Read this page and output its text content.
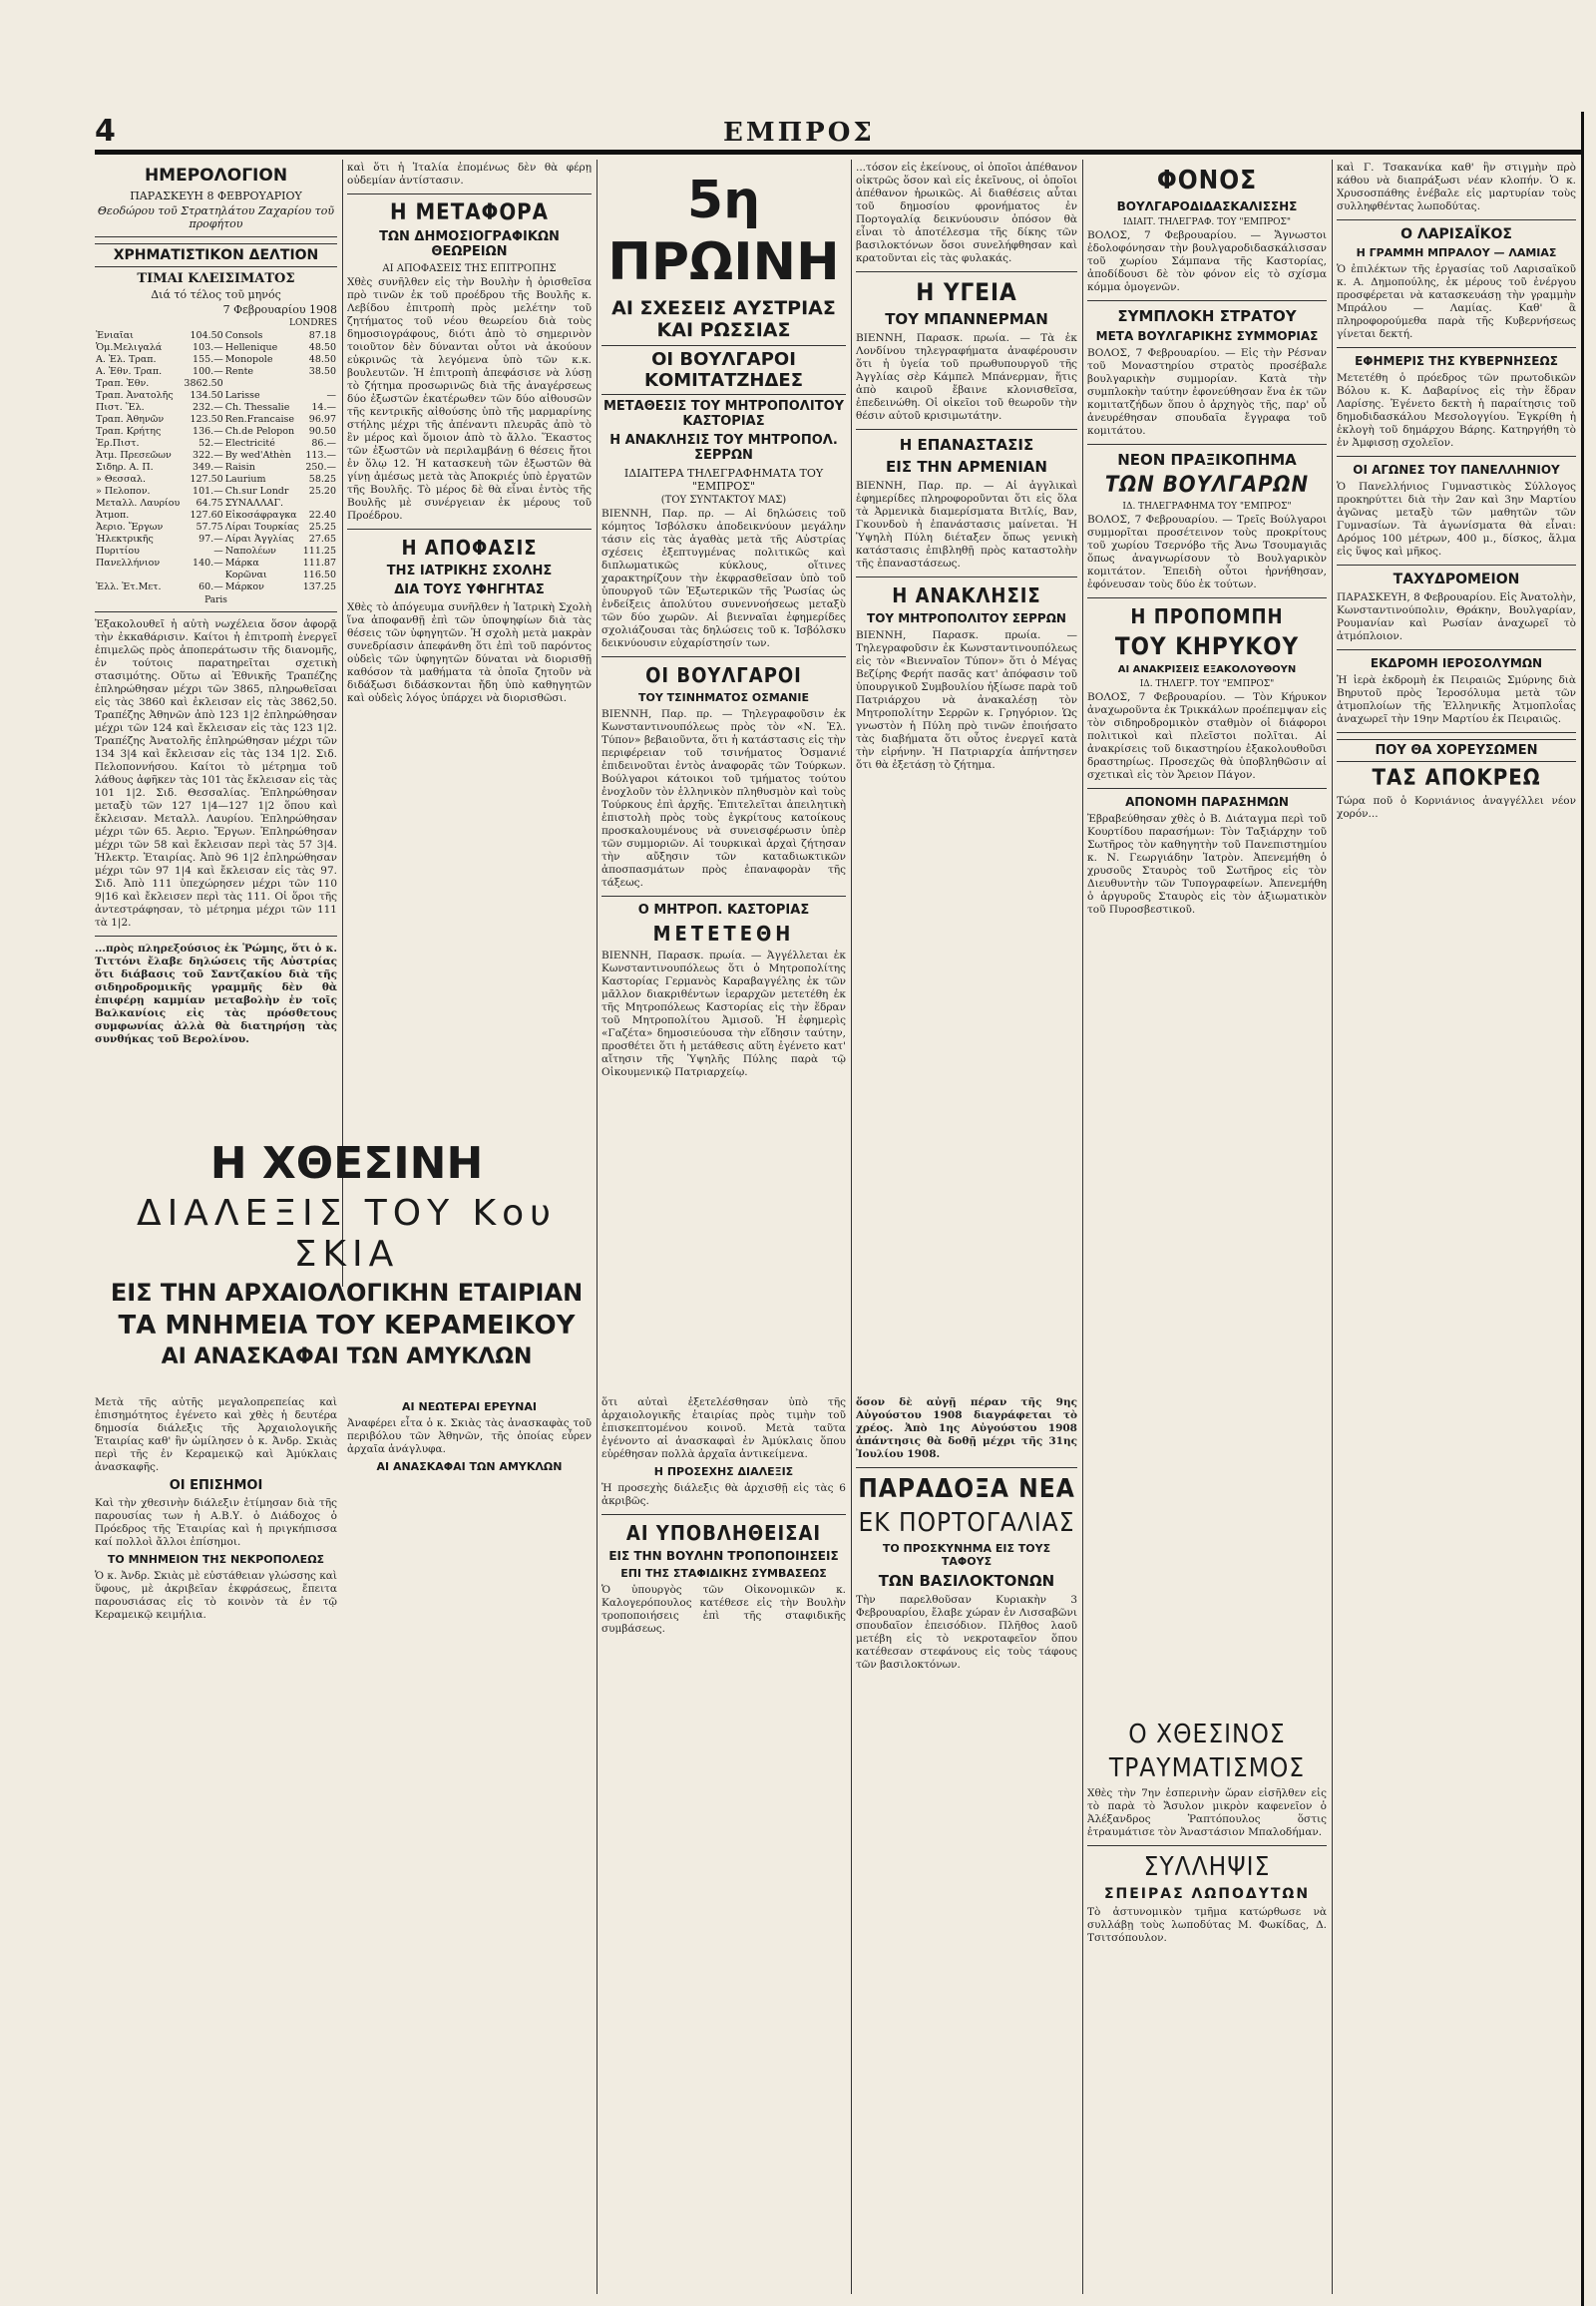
4	ΕΜΠΡΟΣ
ΗΜΕΡΟΛΟΓΙΟΝ
ΠΑΡΑΣΚΕΥΗ 8 ΦΕΒΡΟΥΑΡΙΟΥ
Θεοδώρου τοῦ Στρατηλάτου Ζαχαρίου τοῦ προφήτου
ΧΡΗΜΑΤΙΣΤΙΚΟΝ ΔΕΛΤΙΟΝ
ΤΙΜΑΙ ΚΛΕΙΣΙΜΑΤΟΣ
Διά τό τέλος τοῦ μηνός
7 Φεβρουαρίου 1908
LONDRES
Ἐνιαῖαι	104.50	Consols	87.18
Ὁμ.Μελιγαλά	103.—	Hellenique	48.50
Α. Ἑλ. Τραπ.	155.—	Monopole	48.50
Α. Ἐθν. Τραπ.	100.—	Rente	38.50
Τραπ. Ἐθν.	3862.50		
Τραπ. Ἀνατολῆς	134.50	Larisse	—
Πιστ. Ἕλ.	232.—	Ch. Thessalie	14.—
Τραπ. Ἀθηνῶν	123.50	Ren.Francaise	96.97
Τραπ. Κρήτης	136.—	Ch.de Pelopon	90.50
Ἐρ.Πιστ.	52.—	Electricité	86.—
Ἀτμ. Πρεσεῶων	322.—	By wed'Athèn	113.—
Σιδηρ. Α. Π.	349.—	Raisin	250.—
» Θεσσαλ.	127.50	Laurium	58.25
» Πελοπον.	101.—	Ch.sur Londr	25.20
Μεταλλ. Λαυρίου	64.75	ΣΥΝΑΛΛΑΓ.	
Ἀτμοπ.	127.60	Εἰκοσάφραγκα	22.40
Ἀεριο. Ἔργων	57.75	Λίραι Τουρκίας	25.25
Ἠλεκτρικῆς	97.—	Λίραι Ἀγγλίας	27.65
Πυριτίου	—	Ναπολέων	111.25
Πανελλήνιον	140.—	Μάρκα	111.87
		Κορῶναι	116.50
Ἐλλ. Ἐτ.Μετ.	60.—	Μάρκον	137.25
Paris
Ἐξακολουθεῖ ἡ αὐτὴ νωχέλεια ὅσον ἀφορᾷ τὴν ἐκκαθάρισιν. Καίτοι ἡ ἐπιτροπὴ ἐνεργεῖ ἐπιμελῶς πρὸς ἀποπεράτωσιν τῆς διανομῆς, ἐν τούτοις παρατηρεῖται σχετικὴ στασιμότης. Οὕτω αἱ Ἐθνικῆς Τραπέζης ἐπληρώθησαν μέχρι τῶν 3865, πληρωθεῖσαι εἰς τὰς 3860 καὶ ἐκλεισαν εἰς τὰς 3862,50. Τραπέζης Ἀθηνῶν ἀπὸ 123 1|2 ἐπληρώθησαν μέχρι τῶν 124 καὶ ἔκλεισαν εἰς τὰς 123 1|2. Τραπέζης Ἀνατολῆς ἐπληρώθησαν μέχρι τῶν 134 3|4 καὶ ἔκλεισαν εἰς τὰς 134 1|2. Σιδ. Πελοποννήσου. Καίτοι τὸ μέτρημα τοῦ λάθους ἀφῆκεν τὰς 101 τὰς ἔκλεισαν εἰς τὰς 101 1|2. Σιδ. Θεσσαλίας. Ἐπληρώθησαν μεταξὺ τῶν 127 1|4—127 1|2 ὅπου καὶ ἔκλεισαν. Μεταλλ. Λαυρίου. Ἐπληρώθησαν μέχρι τῶν 65. Ἀεριο. Ἔργων. Ἐπληρώθησαν μέχρι τῶν 58 καὶ ἔκλεισαν περὶ τὰς 57 3|4. Ἠλεκτρ. Ἑταιρίας. Ἀπὸ 96 1|2 ἐπληρώθησαν μέχρι τῶν 97 1|4 καὶ ἔκλεισαν εἰς τὰς 97. Σιδ. Ἀπὸ 111 ὑπεχώρησεν μέχρι τῶν 110 9|16 καὶ ἔκλεισεν περὶ τὰς 111. Οἱ ὅροι τῆς ἀντεστράφησαν, τὸ μέτρημα μέχρι τῶν 111 τὰ 1|2.
...πρὸς πληρεξούσιος ἐκ Ῥώμης, ὅτι ὁ κ. Τιττόνι ἔλαβε δηλώσεις τῆς Αὐστρίας ὅτι διάβασις τοῦ Σαντζακίου διὰ τῆς σιδηροδρομικῆς γραμμῆς δὲν θὰ ἐπιφέρῃ καμμίαν μεταβολὴν ἐν τοῖς Βαλκανίοις εἰς τὰς πρόσθετους συμφωνίας ἀλλὰ θὰ διατηρήσῃ τὰς συνθήκας τοῦ Βερολίνου.
καὶ ὅτι ἡ Ἰταλία ἐπομένως δὲν θὰ φέρῃ οὐδεμίαν ἀντίστασιν.
Η ΜΕΤΑΦΟΡΑ
ΤΩΝ ΔΗΜΟΣΙΟΓΡΑΦΙΚΩΝ ΘΕΩΡΕΙΩΝ
ΑΙ ΑΠΟΦΑΣΕΙΣ ΤΗΣ ΕΠΙΤΡΟΠΗΣ
Χθὲς συνῆλθεν εἰς τὴν Βουλὴν ἡ ὁρισθεῖσα πρὸ τινῶν ἐκ τοῦ προέδρου τῆς Βουλῆς κ. Λεβίδου ἐπιτροπὴ πρὸς μελέτην τοῦ ζητήματος τοῦ νέου θεωρείου διὰ τοὺς δημοσιογράφους, διότι ἀπὸ τὸ σημερινὸν τοιοῦτον δὲν δύνανται οὗτοι νὰ ἀκούουν εὐκρινῶς τὰ λεγόμενα ὑπὸ τῶν κ.κ. βουλευτῶν. Ἡ ἐπιτροπὴ ἀπεφάσισε νὰ λύσῃ τὸ ζήτημα προσωρινῶς διὰ τῆς ἀναγέρσεως δύο ἐξωστῶν ἑκατέρωθεν τῶν δύο αἰθουσῶν τῆς κεντρικῆς αἰθούσης ὑπὸ τῆς μαρμαρίνης στήλης μέχρι τῆς ἀπέναντι πλευρᾶς ἀπὸ τὸ ἓν μέρος καὶ ὅμοιον ἀπὸ τὸ ἄλλο. Ἕκαστος τῶν ἐξωστῶν νὰ περιλαμβάνῃ 6 θέσεις ἤτοι ἐν ὅλῳ 12. Ἡ κατασκευὴ τῶν ἐξωστῶν θὰ γίνῃ ἀμέσως μετὰ τὰς Ἀποκριές ὑπὸ ἐργατῶν τῆς Βουλῆς. Τὸ μέρος δὲ θὰ εἶναι ἐντὸς τῆς Βουλῆς μὲ συνέργειαν ἐκ μέρους τοῦ Προέδρου.
Η ΑΠΟΦΑΣΙΣ
ΤΗΣ ΙΑΤΡΙΚΗΣ ΣΧΟΛΗΣ
ΔΙΑ ΤΟΥΣ ΥΦΗΓΗΤΑΣ
Χθὲς τὸ ἀπόγευμα συνῆλθεν ἡ Ἰατρικὴ Σχολὴ ἵνα ἀποφανθῇ ἐπὶ τῶν ὑποψηφίων διὰ τὰς θέσεις τῶν ὑφηγητῶν. Ἡ σχολὴ μετὰ μακρὰν συνεδρίασιν ἀπεφάνθη ὅτι ἐπὶ τοῦ παρόντος οὐδεὶς τῶν ὑφηγητῶν δύναται νὰ διορισθῇ καθόσον τὰ μαθήματα τὰ ὁποῖα ζητοῦν νὰ διδάξωσι διδάσκονται ἤδη ὑπὸ καθηγητῶν καὶ οὐδεὶς λόγος ὑπάρχει νὰ διορισθῶσι.
5η ΠΡΩΙΝΗ
ΑΙ ΣΧΕΣΕΙΣ ΑΥΣΤΡΙΑΣ ΚΑΙ ΡΩΣΣΙΑΣ
ΟΙ ΒΟΥΛΓΑΡΟΙ ΚΟΜΙΤΑΤΖΗΔΕΣ
ΜΕΤΑΘΕΣΙΣ ΤΟΥ ΜΗΤΡΟΠΟΛΙΤΟΥ ΚΑΣΤΟΡΙΑΣ
Η ΑΝΑΚΛΗΣΙΣ ΤΟΥ ΜΗΤΡΟΠΟΛ. ΣΕΡΡΩΝ
ΙΔΙΑΙΤΕΡΑ ΤΗΛΕΓΡΑΦΗΜΑΤΑ ΤΟΥ "ΕΜΠΡΟΣ"
(ΤΟΥ ΣΥΝΤΑΚΤΟΥ ΜΑΣ)
ΒΙΕΝΝΗ, Παρ. πρ. — Αἱ δηλώσεις τοῦ κόμητος Ἰσβόλσκυ ἀποδεικνύουν μεγάλην τάσιν εἰς τὰς ἀγαθὰς μετὰ τῆς Αὐστρίας σχέσεις ἐξεπτυγμένας πολιτικῶς καὶ διπλωματικῶς κύκλους, οἵτινες χαρακτηρίζουν τὴν ἐκφρασθεῖσαν ὑπὸ τοῦ ὑπουργοῦ τῶν Ἐξωτερικῶν τῆς Ῥωσίας ὡς ἐνδείξεις ἀπολύτου συνεννοήσεως μεταξὺ τῶν δύο χωρῶν. Αἱ βιενναῖαι ἐφημερίδες σχολιάζουσαι τὰς δηλώσεις τοῦ κ. Ἰσβόλσκυ δεικνύουσιν εὐχαρίστησίν των.
ΟΙ ΒΟΥΛΓΑΡΟΙ
ΤΟΥ ΤΣΙΝΗΜΑΤΟΣ ΟΣΜΑΝΙΕ
ΒΙΕΝΝΗ, Παρ. πρ. — Τηλεγραφοῦσιν ἐκ Κωνσταντινουπόλεως πρὸς τὸν «Ν. Ἑλ. Τύπον» βεβαιοῦντα, ὅτι ἡ κατάστασις εἰς τὴν περιφέρειαν τοῦ τσινήματος Ὀσμανιέ ἐπιδεινοῦται ἐντὸς ἀναφορᾶς τῶν Τούρκων. Βούλγαροι κάτοικοι τοῦ τμήματος τούτου ἐνοχλοῦν τὸν ἑλληνικὸν πληθυσμὸν καὶ τοὺς Τούρκους ἐπὶ ἀρχῆς. Ἐπιτελεῖται ἀπειλητικὴ ἐπιστολὴ πρὸς τοὺς ἐγκρίτους κατοίκους προσκαλουμένους νὰ συνεισφέρωσιν ὑπὲρ τῶν συμμοριῶν. Αἱ τουρκικαὶ ἀρχαὶ ζήτησαν τὴν αὔξησιν τῶν καταδιωκτικῶν ἀποσπασμάτων πρὸς ἐπαναφορὰν τῆς τάξεως.
Ο ΜΗΤΡΟΠ. ΚΑΣΤΟΡΙΑΣ
ΜΕΤΕΤΕΘΗ
ΒΙΕΝΝΗ, Παρασκ. πρωία. — Ἀγγέλλεται ἐκ Κωνσταντινουπόλεως ὅτι ὁ Μητροπολίτης Καστορίας Γερμανὸς Καραβαγγέλης ἐκ τῶν μᾶλλον διακριθέντων ἱεραρχῶν μετετέθη ἐκ τῆς Μητροπόλεως Καστορίας εἰς τὴν ἕδραν τοῦ Μητροπολίτου Ἀμισοῦ. Ἡ ἐφημερὶς «Γαζέτα» δημοσιεύουσα τὴν εἴδησιν ταύτην, προσθέτει ὅτι ἡ μετάθεσις αὕτη ἐγένετο κατ' αἴτησιν τῆς Ὑψηλῆς Πύλης παρὰ τῷ Οἰκουμενικῷ Πατριαρχείῳ.
...τόσον εἰς ἐκείνους, οἱ ὁποῖοι ἀπέθανον οἰκτρῶς ὅσον καὶ εἰς ἐκεῖνους, οἱ ὁποῖοι ἀπέθανον ἡρωικῶς. Αἱ διαθέσεις αὗται τοῦ δημοσίου φρονήματος ἐν Πορτογαλίᾳ δεικνύουσιν ὁπόσον θὰ εἶναι τὸ ἀποτέλεσμα τῆς δίκης τῶν βασιλοκτόνων ὅσοι συνελήφθησαν καὶ κρατοῦνται εἰς τὰς φυλακάς.
Η ΥΓΕΙΑ
ΤΟΥ ΜΠΑΝΝΕΡΜΑΝ
ΒΙΕΝΝΗ, Παρασκ. πρωία. — Τὰ ἐκ Λονδίνου τηλεγραφήματα ἀναφέρουσιν ὅτι ἡ ὑγεία τοῦ πρωθυπουργοῦ τῆς Ἀγγλίας σὲρ Κάμπελ Μπάνερμαν, ἥτις ἀπὸ καιροῦ ἔβαινε κλονισθεῖσα, ἐπεδεινώθη. Οἱ οἰκεῖοι τοῦ θεωροῦν τὴν θέσιν αὐτοῦ κρισιμωτάτην.
Η ΕΠΑΝΑΣΤΑΣΙΣ
ΕΙΣ ΤΗΝ ΑΡΜΕΝΙΑΝ
ΒΙΕΝΝΗ, Παρ. πρ. — Αἱ ἀγγλικαὶ ἐφημερίδες πληροφοροῦνται ὅτι εἰς ὅλα τὰ Ἀρμενικὰ διαμερίσματα Βιτλίς, Βαν, Γκουνδοὺ ἡ ἐπανάστασις μαίνεται. Ἡ Ὑψηλὴ Πύλη διέταξεν ὅπως γενικὴ κατάστασις ἐπιβληθῇ πρὸς καταστολὴν τῆς ἐπαναστάσεως.
Η ΑΝΑΚΛΗΣΙΣ
ΤΟΥ ΜΗΤΡΟΠΟΛΙΤΟΥ ΣΕΡΡΩΝ
ΒΙΕΝΝΗ, Παρασκ. πρωία. — Τηλεγραφοῦσιν ἐκ Κωνσταντινουπόλεως εἰς τὸν «Βιενναῖον Τύπον» ὅτι ὁ Μέγας Βεζίρης Φερήτ πασᾶς κατ' ἀπόφασιν τοῦ ὑπουργικοῦ Συμβουλίου ἠξίωσε παρὰ τοῦ Πατριάρχου νὰ ἀνακαλέσῃ τὸν Μητροπολίτην Σερρῶν κ. Γρηγόριον. Ὡς γνωστὸν ἡ Πύλη πρὸ τινῶν ἐποιήσατο τὰς διαβήματα ὅτι οὗτος ἐνεργεῖ κατὰ τὴν εἰρήνην. Ἡ Πατριαρχία ἀπήντησεν ὅτι θὰ ἐξετάσῃ τὸ ζήτημα.
ΦΟΝΟΣ
ΒΟΥΛΓΑΡΟΔΙΔΑΣΚΑΛΙΣΣΗΣ
ΙΔΙΑΙΤ. ΤΗΛΕΓΡΑΦ. ΤΟΥ "ΕΜΠΡΟΣ"
ΒΟΛΟΣ, 7 Φεβρουαρίου. — Ἄγνωστοι ἐδολοφόνησαν τὴν βουλγαροδιδασκάλισσαν τοῦ χωρίου Σάμπανα τῆς Καστορίας, ἀποδίδουσι δὲ τὸν φόνον εἰς τὸ σχίσμα κόμμα ὁμογενῶν.
ΣΥΜΠΛΟΚΗ ΣΤΡΑΤΟΥ
ΜΕΤΑ ΒΟΥΛΓΑΡΙΚΗΣ ΣΥΜΜΟΡΙΑΣ
ΒΟΛΟΣ, 7 Φεβρουαρίου. — Εἰς τὴν Ρέσναν τοῦ Μοναστηρίου στρατὸς προσέβαλε βουλγαρικὴν συμμορίαν. Κατὰ τὴν συμπλοκὴν ταύτην ἐφονεύθησαν ἕνα ἐκ τῶν κομιτατζήδων ὅπου ὁ ἀρχηγὸς τῆς, παρ' οὗ ἀνευρέθησαν σπουδαῖα ἔγγραφα τοῦ κομιτάτου.
ΝΕΟΝ ΠΡΑΞΙΚΟΠΗΜΑ
ΤΩΝ ΒΟΥΛΓΑΡΩΝ
ΙΔ. ΤΗΛΕΓΡΑΦΗΜΑ ΤΟΥ "ΕΜΠΡΟΣ"
ΒΟΛΟΣ, 7 Φεβρουαρίου. — Τρεῖς Βούλγαροι συμμορῖται προσέτεινον τοὺς προκρίτους τοῦ χωρίου Τσερνόβο τῆς Ἀνω Τσουμαγιᾶς ὅπως ἀναγνωρίσουν τὸ Βουλγαρικὸν κομιτάτον. Ἐπειδὴ οὗτοι ἠρνήθησαν, ἐφόνευσαν τοὺς δύο ἐκ τούτων.
Η ΠΡΟΠΟΜΠΗ
ΤΟΥ ΚΗΡΥΚΟΥ
ΑΙ ΑΝΑΚΡΙΣΕΙΣ ΕΞΑΚΟΛΟΥΘΟΥΝ
ΙΔ. ΤΗΛΕΓΡ. ΤΟΥ "ΕΜΠΡΟΣ"
ΒΟΛΟΣ, 7 Φεβρουαρίου. — Τὸν Κήρυκον ἀναχωροῦντα ἐκ Τρικκάλων προέπεμψαν εἰς τὸν σιδηροδρομικὸν σταθμὸν οἱ διάφοροι πολιτικοὶ καὶ πλεῖστοι πολῖται. Αἱ ἀνακρίσεις τοῦ δικαστηρίου ἐξακολουθοῦσι δραστηρίως. Προσεχῶς θὰ ὑποβληθῶσιν αἱ σχετικαὶ εἰς τὸν Ἄρειον Πάγον.
ΑΠΟΝΟΜΗ ΠΑΡΑΣΗΜΩΝ
Ἐβραβεύθησαν χθὲς ὁ Β. Διάταγμα περὶ τοῦ Κουρτίδου παρασήμων: Τὸν Ταξιάρχην τοῦ Σωτῆρος τὸν καθηγητὴν τοῦ Πανεπιστημίου κ. Ν. Γεωργιάδην Ἰατρὸν. Ἀπενεμήθη ὁ χρυσοῦς Σταυρὸς τοῦ Σωτῆρος εἰς τὸν Διευθυντὴν τῶν Τυπογραφείων. Ἀπενεμήθη ὁ ἀργυροῦς Σταυρὸς εἰς τὸν ἀξιωματικὸν τοῦ Πυροσβεστικοῦ.
καὶ Γ. Τσακανίκα καθ' ἣν στιγμὴν πρὸ κάθου νὰ διαπράξωσι νέαν κλοπήν. Ὁ κ. Χρυσοσπάθης ἐνέβαλε εἰς μαρτυρίαν τοὺς συλληφθέντας λωποδύτας.
Ο ΛΑΡΙΣΑΪΚΟΣ
Η ΓΡΑΜΜΗ ΜΠΡΑΛΟΥ — ΛΑΜΙΑΣ
Ὁ ἐπιλέκτων τῆς ἐργασίας τοῦ Λαρισαϊκοῦ κ. Α. Δημοπούλης, ἐκ μέρους τοῦ ἐνέργου προσφέρεται νὰ κατασκευάσῃ τὴν γραμμὴν Μπράλου — Λαμίας. Καθ' ἃ πληροφορούμεθα παρὰ τῆς Κυβερνήσεως γίνεται δεκτή.
ΕΦΗΜΕΡΙΣ ΤΗΣ ΚΥΒΕΡΝΗΣΕΩΣ
Μετετέθη ὁ πρόεδρος τῶν πρωτοδικῶν Βόλου κ. Κ. Δαβαρίνος εἰς τὴν ἕδραν Λαρίσης. Ἐγένετο δεκτὴ ἡ παραίτησις τοῦ δημοδιδασκάλου Μεσολογγίου. Ἐγκρίθη ἡ ἐκλογὴ τοῦ δημάρχου Βάρης. Κατηργήθη τὸ ἐν Ἀμφισσῃ σχολεῖον.
ΟΙ ΑΓΩΝΕΣ ΤΟΥ ΠΑΝΕΛΛΗΝΙΟΥ
Ὁ Πανελλήνιος Γυμναστικὸς Σύλλογος προκηρύττει διὰ τὴν 2αν καὶ 3ην Μαρτίου ἀγῶνας μεταξὺ τῶν μαθητῶν τῶν Γυμνασίων. Τὰ ἀγωνίσματα θὰ εἶναι: Δρόμος 100 μέτρων, 400 μ., δίσκος, ἅλμα εἰς ὕψος καὶ μῆκος.
ΤΑΧΥΔΡΟΜΕΙΟΝ
ΠΑΡΑΣΚΕΥΗ, 8 Φεβρουαρίου. Εἰς Ἀνατολὴν, Κωνσταντινούπολιν, Θράκην, Βουλγαρίαν, Ρουμανίαν καὶ Ρωσίαν ἀναχωρεῖ τὸ ἀτμόπλοιον.
ΕΚΔΡΟΜΗ ΙΕΡΟΣΟΛΥΜΩΝ
Ἡ ἱερὰ ἐκδρομὴ ἐκ Πειραιῶς Σμύρνης διὰ Βηρυτοῦ πρὸς Ἱεροσόλυμα μετὰ τῶν ἀτμοπλοίων τῆς Ἑλληνικῆς Ἀτμοπλοΐας ἀναχωρεῖ τὴν 19ην Μαρτίου ἐκ Πειραιῶς.
ΠΟΥ ΘΑ ΧΟΡΕΥΣΩΜΕΝ
ΤΑΣ ΑΠΟΚΡΕΩ
Τώρα ποῦ ὁ Κορνιάνιος ἀναγγέλλει νέον χορόν...
Η ΧΘΕΣΙΝΗ
ΔΙΑΛΕΞΙΣ ΤΟΥ Κου ΣΚΙΑ
ΕΙΣ ΤΗΝ ΑΡΧΑΙΟΛΟΓΙΚΗΝ ΕΤΑΙΡΙΑΝ
ΤΑ ΜΝΗΜΕΙΑ ΤΟΥ ΚΕΡΑΜΕΙΚΟΥ
ΑΙ ΑΝΑΣΚΑΦΑΙ ΤΩΝ ΑΜΥΚΛΩΝ
Μετὰ τῆς αὐτῆς μεγαλοπρεπείας καὶ ἐπισημότητος ἐγένετο καὶ χθὲς ἡ δευτέρα δημοσία διάλεξις τῆς Ἀρχαιολογικῆς Ἑταιρίας καθ' ἣν ὡμίλησεν ὁ κ. Ἀνδρ. Σκιὰς περὶ τῆς ἐν Κεραμεικῷ καὶ Ἀμύκλαις ἀνασκαφῆς.
ΟΙ ΕΠΙΣΗΜΟΙ
Καὶ τὴν χθεσινὴν διάλεξιν ἐτίμησαν διὰ τῆς παρουσίας των ἡ Α.Β.Υ. ὁ Διάδοχος ὁ Πρόεδρος τῆς Ἑταιρίας καὶ ἡ πριγκήπισσα καί πολλοὶ ἄλλοι ἐπίσημοι.
ΤΟ ΜΝΗΜΕΙΟΝ ΤΗΣ ΝΕΚΡΟΠΟΛΕΩΣ
Ὁ κ. Ἀνδρ. Σκιὰς μὲ εὐστάθειαν γλώσσης καὶ ὕφους, μὲ ἀκριβεῖαν ἐκφράσεως, ἔπειτα παρουσιάσας εἰς τὸ κοινὸν τὰ ἐν τῷ Κεραμεικῷ κειμήλια.
ΑΙ ΝΕΩΤΕΡΑΙ ΕΡΕΥΝΑΙ
Ἀναφέρει εἶτα ὁ κ. Σκιὰς τὰς ἀνασκαφὰς τοῦ περιβόλου τῶν Ἀθηνῶν, τῆς ὁποίας εὗρεν ἀρχαῖα ἀνάγλυφα.
ΑΙ ΑΝΑΣΚΑΦΑΙ ΤΩΝ ΑΜΥΚΛΩΝ
ὅτι αὐταὶ ἐξετελέσθησαν ὑπὸ τῆς ἀρχαιολογικῆς ἑταιρίας πρὸς τιμὴν τοῦ ἐπισκεπτομένου κοινοῦ. Μετὰ ταῦτα ἐγένοντο αἱ ἀνασκαφαὶ ἐν Ἀμύκλαις ὅπου εὑρέθησαν πολλὰ ἀρχαῖα ἀντικείμενα.
Η ΠΡΟΣΕΧΗΣ ΔΙΑΛΕΞΙΣ
Ἡ προσεχὴς διάλεξις θὰ ἀρχισθῇ εἰς τὰς 6 ἀκριβῶς.
ΑΙ ΥΠΟΒΛΗΘΕΙΣΑΙ
ΕΙΣ ΤΗΝ ΒΟΥΛΗΝ ΤΡΟΠΟΠΟΙΗΣΕΙΣ
ΕΠΙ ΤΗΣ ΣΤΑΦΙΔΙΚΗΣ ΣΥΜΒΑΣΕΩΣ
Ὁ ὑπουργὸς τῶν Οἰκονομικῶν κ. Καλογερόπουλος κατέθεσε εἰς τὴν Βουλὴν τροποποιήσεις ἐπὶ τῆς σταφιδικῆς συμβάσεως.
ὅσον δὲ αὐγῇ πέραν τῆς 9ης Αὐγούστου 1908 διαγράφεται τὸ χρέος. Ἀπὸ 1ης Αὐγούστου 1908 ἀπάντησις θὰ δοθῇ μέχρι τῆς 31ης Ἰουλίου 1908.
ΠΑΡΑΔΟΞΑ ΝΕΑ
ΕΚ ΠΟΡΤΟΓΑΛΙΑΣ
ΤΟ ΠΡΟΣΚΥΝΗΜΑ ΕΙΣ ΤΟΥΣ ΤΑΦΟΥΣ
ΤΩΝ ΒΑΣΙΛΟΚΤΟΝΩΝ
Τὴν παρελθοῦσαν Κυριακὴν 3 Φεβρουαρίου, ἔλαβε χώραν ἐν Λισσαβῶνι σπουδαῖον ἐπεισόδιον. Πλῆθος λαοῦ μετέβη εἰς τὸ νεκροταφεῖον ὅπου κατέθεσαν στεφάνους εἰς τοὺς τάφους τῶν βασιλοκτόνων.
Ο ΧΘΕΣΙΝΟΣ
ΤΡΑΥΜΑΤΙΣΜΟΣ
Χθὲς τὴν 7ην ἑσπερινὴν ὥραν εἰσῆλθεν εἰς τὸ παρὰ τὸ Ἄσυλον μικρὸν καφενεῖον ὁ Ἀλέξανδρος Ῥαπτόπουλος ὅστις ἐτραυμάτισε τὸν Ἀναστάσιον Μπαλοδήμαν.
ΣΥΛΛΗΨΙΣ
ΣΠΕΙΡΑΣ ΛΩΠΟΔΥΤΩΝ
Τὸ ἀστυνομικὸν τμῆμα κατώρθωσε νὰ συλλάβῃ τοὺς λωποδύτας Μ. Φωκίδας, Δ. Τσιτσόπουλον.
